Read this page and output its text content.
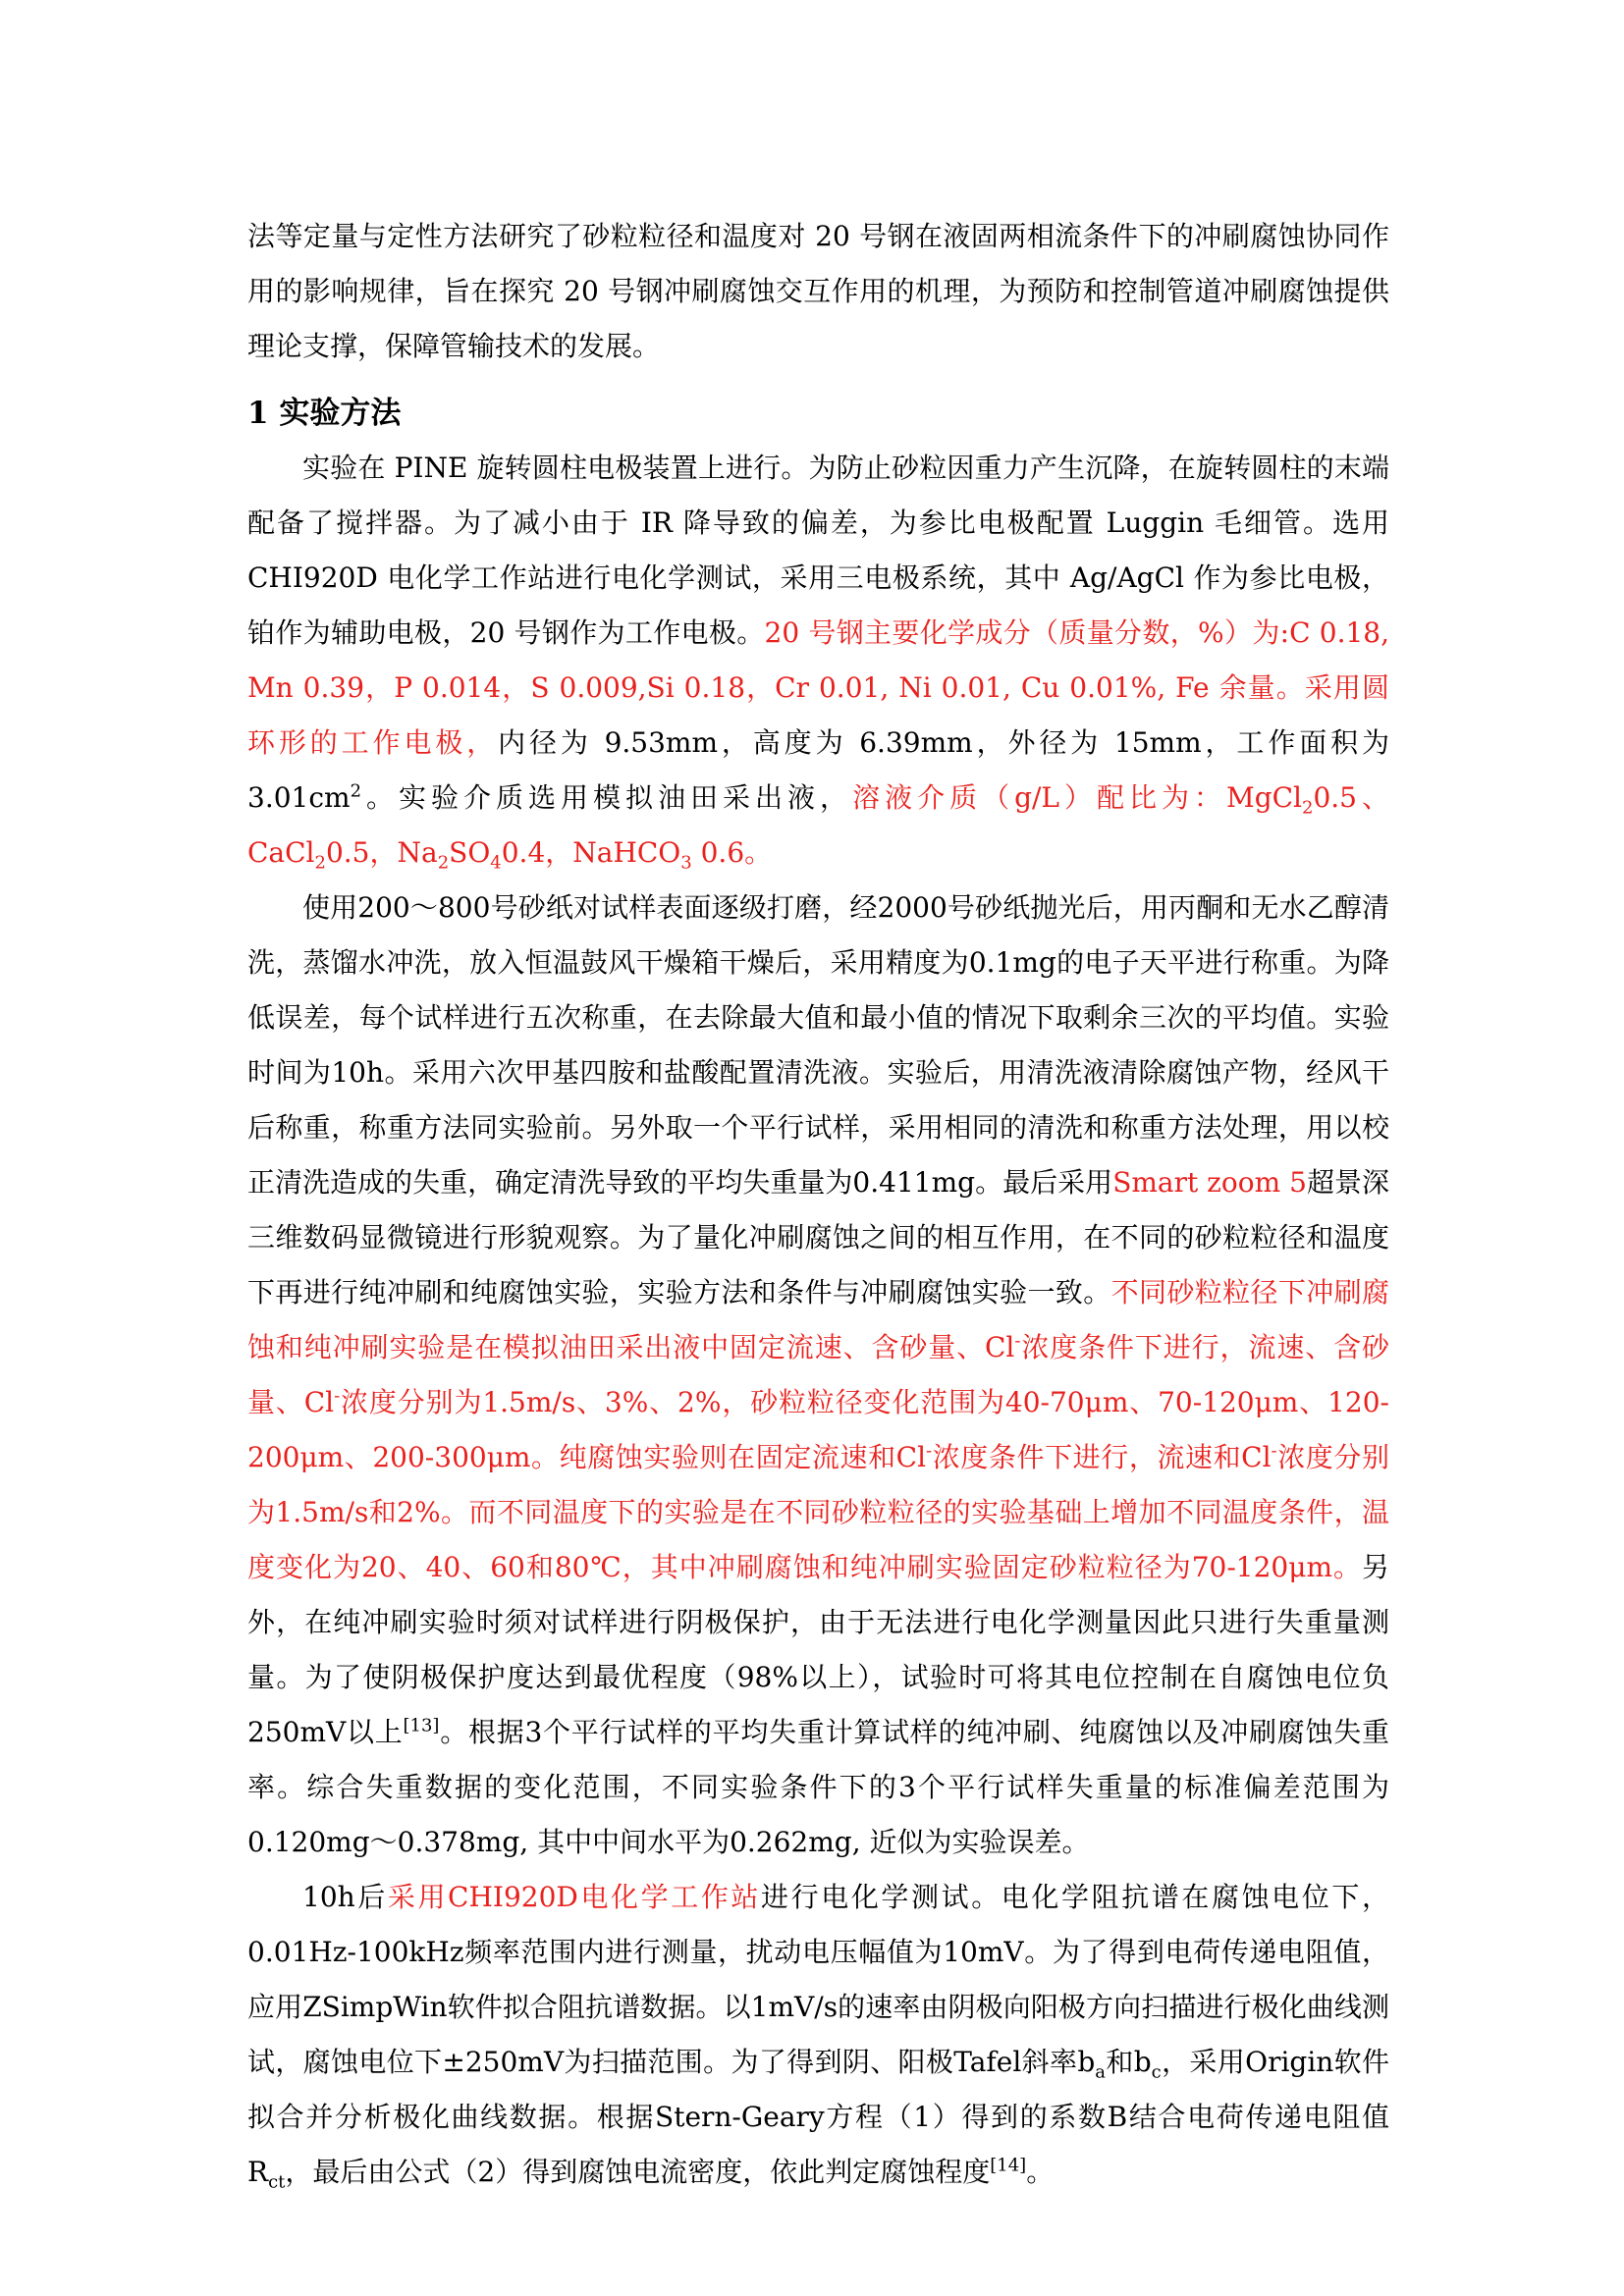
法等定量与定性方法研究了砂粒粒径和温度对 20 号钢在液固两相流条件下的冲刷腐蚀协同作用的影响规律，旨在探究 20 号钢冲刷腐蚀交互作用的机理，为预防和控制管道冲刷腐蚀提供理论支撑，保障管输技术的发展。

1 实验方法

实验在 PINE 旋转圆柱电极装置上进行。为防止砂粒因重力产生沉降，在旋转圆柱的末端配备了搅拌器。为了减小由于 IR 降导致的偏差，为参比电极配置 Luggin 毛细管。选用 CHI920D 电化学工作站进行电化学测试，采用三电极系统，其中 Ag/AgCl 作为参比电极，铂作为辅助电极，20 号钢作为工作电极。20 号钢主要化学成分（质量分数，%）为:C 0.18, Mn 0.39，P 0.014，S 0.009,Si 0.18，Cr 0.01, Ni 0.01, Cu 0.01%, Fe 余量。采用圆环形的工作电极，内径为 9.53mm，高度为 6.39mm，外径为 15mm，工作面积为 $3.01cm^2$。实验介质选用模拟油田采出液，溶液介质（g/L）配比为：MgCl$_2$0.5、CaCl$_2$0.5，$Na_2SO_40.4$，NaHCO$_3$ 0.6。

使用200～800号砂纸对试样表面逐级打磨，经2000号砂纸抛光后，用丙酮和无水乙醇清洗，蒸馏水冲洗，放入恒温鼓风干燥箱干燥后，采用精度为0.1mg的电子天平进行称重。为降低误差，每个试样进行五次称重，在去除最大值和最小值的情况下取剩余三次的平均值。实验时间为10h。采用六次甲基四胺和盐酸配置清洗液。实验后，用清洗液清除腐蚀产物，经风干后称重，称重方法同实验前。另外取一个平行试样，采用相同的清洗和称重方法处理，用以校正清洗造成的失重，确定清洗导致的平均失重量为0.411mg。最后采用Smart zoom 5超景深三维数码显微镜进行形貌观察。为了量化冲刷腐蚀之间的相互作用，在不同的砂粒粒径和温度下再进行纯冲刷和纯腐蚀实验，实验方法和条件与冲刷腐蚀实验一致。不同砂粒粒径下冲刷腐蚀和纯冲刷实验是在模拟油田采出液中固定流速、含砂量、Cl-浓度条件下进行，流速、含砂量、Cl-浓度分别为1.5m/s、3%、2%，砂粒粒径变化范围为40-70μm、70-120μm、120-200μm、200-300μm。纯腐蚀实验则在固定流速和Cl-浓度条件下进行，流速和Cl-浓度分别为1.5m/s和2%。而不同温度下的实验是在不同砂粒粒径的实验基础上增加不同温度条件，温度变化为20、40、60和80℃，其中冲刷腐蚀和纯冲刷实验固定砂粒粒径为70-120μm。另外，在纯冲刷实验时须对试样进行阴极保护，由于无法进行电化学测量因此只进行失重量测量。为了使阴极保护度达到最优程度（98%以上），试验时可将其电位控制在自腐蚀电位负250mV以上[13]。根据3个平行试样的平均失重计算试样的纯冲刷、纯腐蚀以及冲刷腐蚀失重率。综合失重数据的变化范围，不同实验条件下的3个平行试样失重量的标准偏差范围为0.120mg～0.378mg, 其中中间水平为0.262mg, 近似为实验误差。

10h后采用CHI920D电化学工作站进行电化学测试。电化学阻抗谱在腐蚀电位下，0.01Hz-100kHz频率范围内进行测量，扰动电压幅值为10mV。为了得到电荷传递电阻值，应用ZSimpWin软件拟合阻抗谱数据。以1mV/s的速率由阴极向阳极方向扫描进行极化曲线测试，腐蚀电位下±250mV为扫描范围。为了得到阴、阳极Tafel斜率$b_a$和$b_c$，采用Origin软件拟合并分析极化曲线数据。根据Stern-Geary方程（1）得到的系数B结合电荷传递电阻值$R_{ct}$，最后由公式（2）得到腐蚀电流密度，依此判定腐蚀程度[14]。
